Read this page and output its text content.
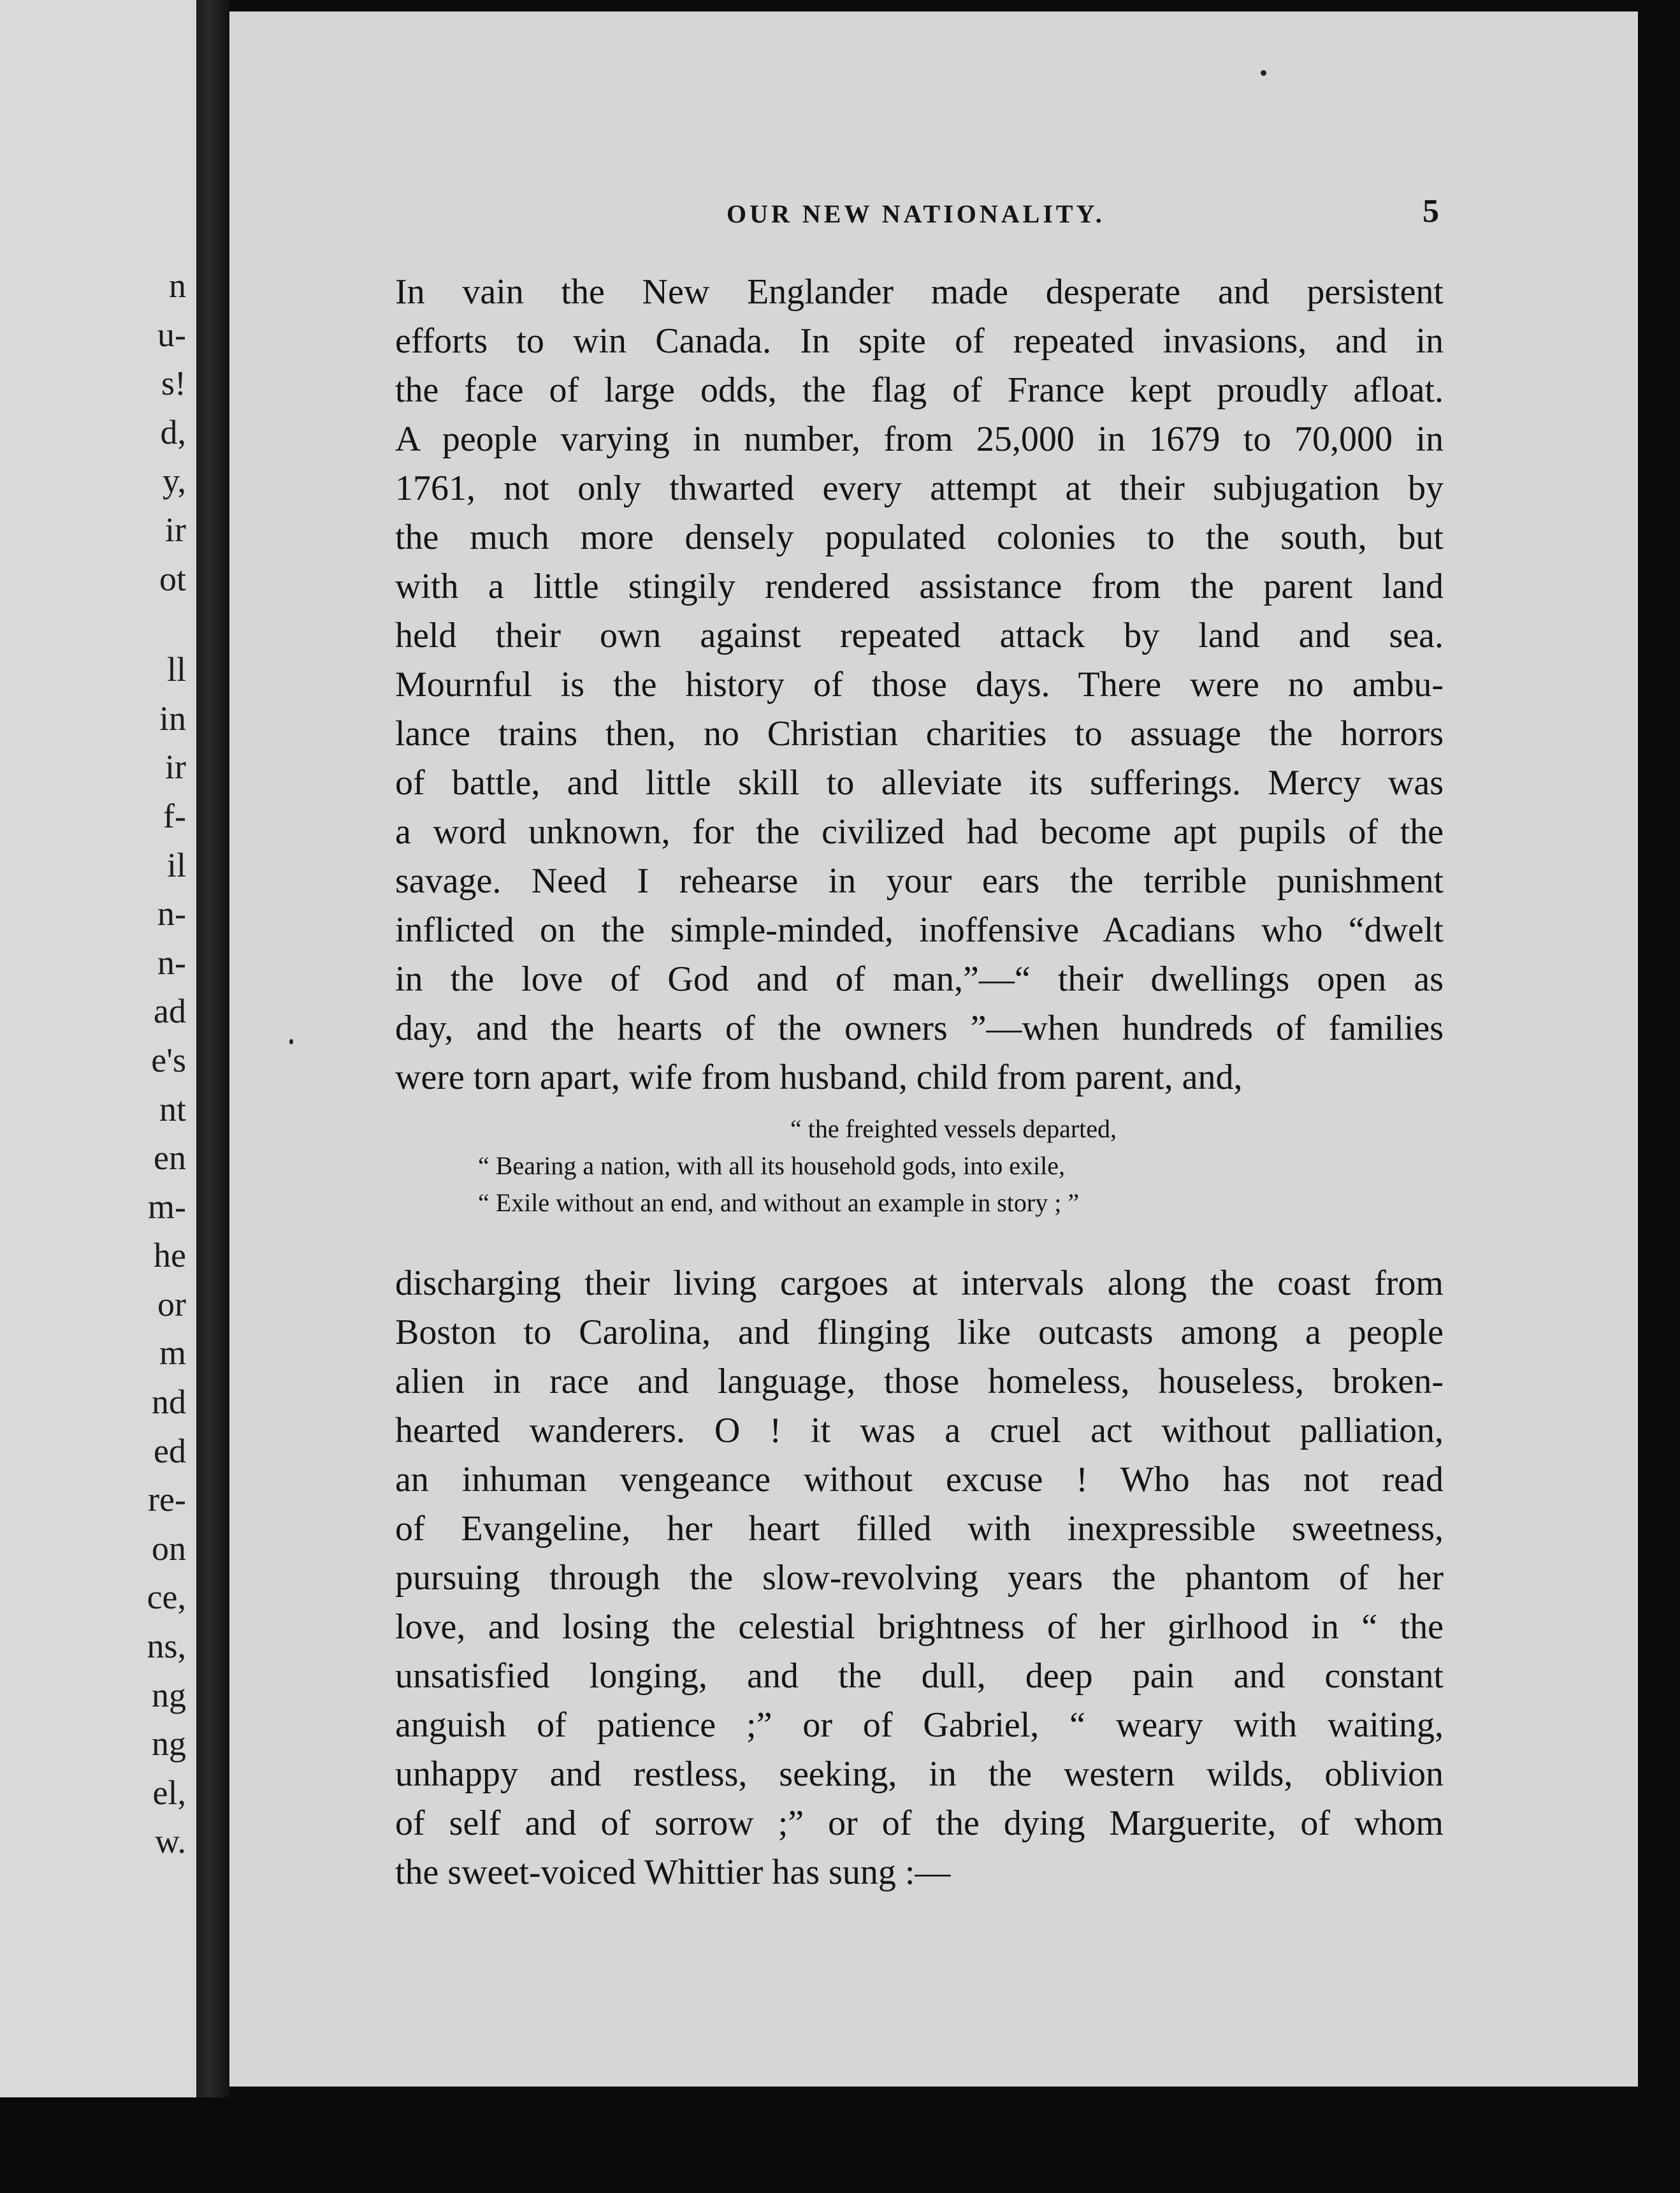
n
u-
s!
d,
y,
ir
ot
ll
in
ir
f-
il
n-
n-
ad
e's
nt
en
m-
he
or
m
nd
ed
re-
on
ce,
ns,
ng
ng
el,
w.
OUR NEW NATIONALITY.	5
In vain the New Englander made desperate and persistent
efforts to win Canada. In spite of repeated invasions, and in
the face of large odds, the flag of France kept proudly afloat.
A people varying in number, from 25,000 in 1679 to 70,000 in
1761, not only thwarted every attempt at their subjugation by
the much more densely populated colonies to the south, but
with a little stingily rendered assistance from the parent land
held their own against repeated attack by land and sea.
Mournful is the history of those days. There were no ambu-
lance trains then, no Christian charities to assuage the horrors
of battle, and little skill to alleviate its sufferings. Mercy was
a word unknown, for the civilized had become apt pupils of the
savage. Need I rehearse in your ears the terrible punishment
inflicted on the simple-minded, inoffensive Acadians who “dwelt
in the love of God and of man,”—“ their dwellings open as
day, and the hearts of the owners ”—when hundreds of families
were torn apart, wife from husband, child from parent, and,
“ the freighted vessels departed,
“ Bearing a nation, with all its household gods, into exile,
“ Exile without an end, and without an example in story ; ”
discharging their living cargoes at intervals along the coast from
Boston to Carolina, and flinging like outcasts among a people
alien in race and language, those homeless, houseless, broken-
hearted wanderers. O ! it was a cruel act without palliation,
an inhuman vengeance without excuse ! Who has not read
of Evangeline, her heart filled with inexpressible sweetness,
pursuing through the slow-revolving years the phantom of her
love, and losing the celestial brightness of her girlhood in “ the
unsatisfied longing, and the dull, deep pain and constant
anguish of patience ;” or of Gabriel, “ weary with waiting,
unhappy and restless, seeking, in the western wilds, oblivion
of self and of sorrow ;” or of the dying Marguerite, of whom
the sweet-voiced Whittier has sung :—
